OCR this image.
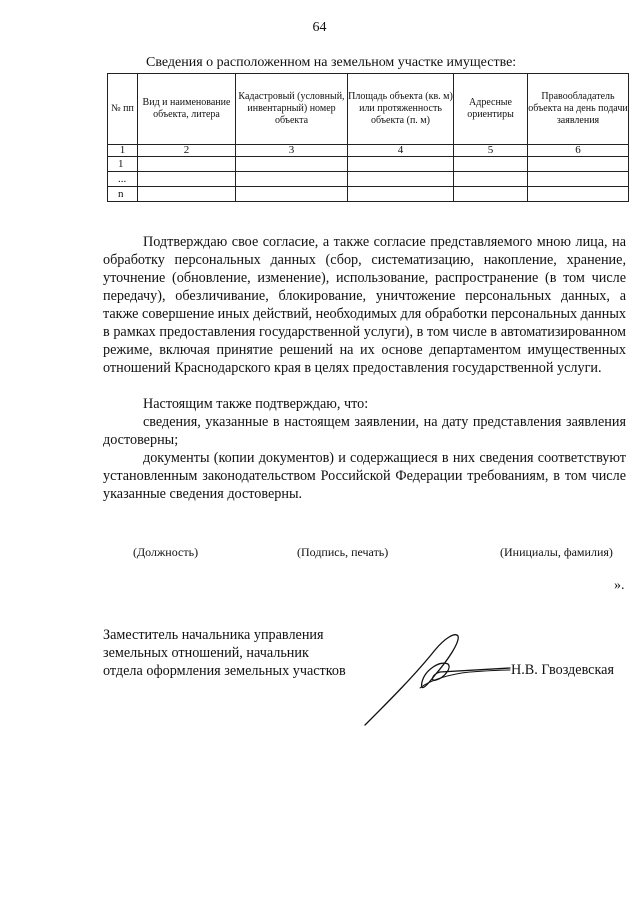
64
Сведения о расположенном на земельном участке имуществе:
№ пп	Вид и наименование объекта, литера	Кадастровый (условный, инвентарный) номер объекта	Площадь объекта (кв. м) или протяженность объекта (п. м)	Адресные ориентиры	Правообладатель объекта на день подачи заявления
1	2	3	4	5	6
1					
...					
n					
Подтверждаю свое согласие, а также согласие представляемого мною лица, на обработку персональных данных (сбор, систематизацию, накопление, хранение, уточнение (обновление, изменение), использование, распространение (в том числе передачу), обезличивание, блокирование, уничтожение персональных данных, а также совершение иных действий, необходимых для обработки персональных данных в рамках предоставления государственной услуги), в том числе в автоматизированном режиме, включая принятие решений на их основе департаментом имущественных отношений Краснодарского края в целях предоставления государственной услуги.
Настоящим также подтверждаю, что:
сведения, указанные в настоящем заявлении, на дату представления заявления достоверны;
документы (копии документов) и содержащиеся в них сведения соответствуют установленным законодательством Российской Федерации требованиям, в том числе указанные сведения достоверны.
(Должность)	(Подпись, печать)	(Инициалы, фамилия)
».
Заместитель начальника управления
земельных отношений, начальник
отдела оформления земельных участков	Н.В. Гвоздевская
